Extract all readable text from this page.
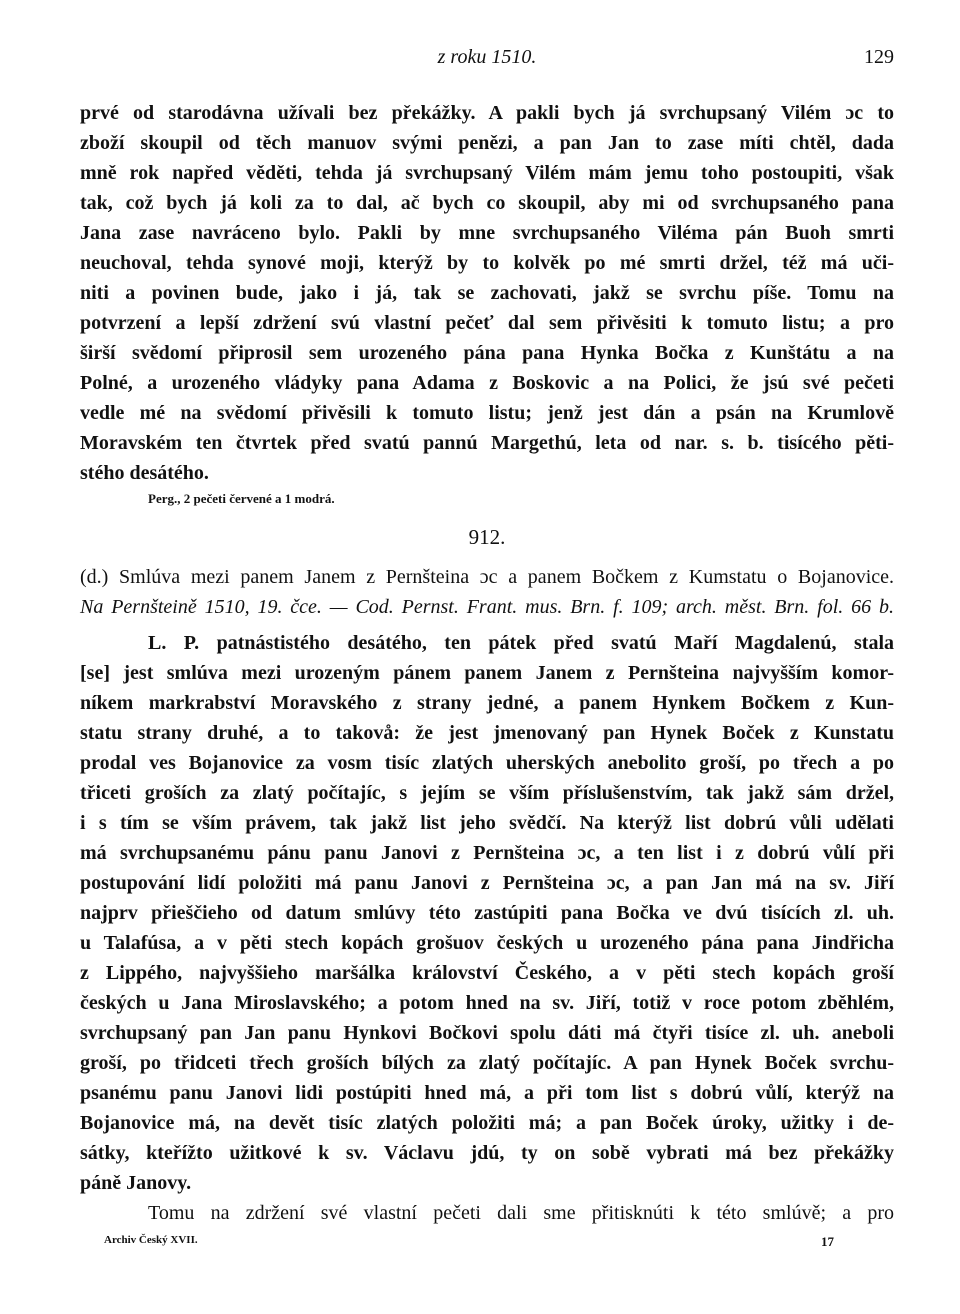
z roku 1510.	129
prvé od starodávna užívali bez překážky. A pakli bych já svrchupsaný Vilém ɔc to
zboží skoupil od těch manuov svými penězi, a pan Jan to zase míti chtěl, dada
mně rok napřed věděti, tehda já svrchupsaný Vilém mám jemu toho postoupiti, však
tak, což bych já koli za to dal, ač bych co skoupil, aby mi od svrchupsaného pana
Jana zase navráceno bylo. Pakli by mne svrchupsaného Viléma pán Buoh smrti
neuchoval, tehda synové moji, kterýž by to kolvěk po mé smrti držel, též má uči-
niti a povinen bude, jako i já, tak se zachovati, jakž se svrchu píše. Tomu na
potvrzení a lepší zdržení svú vlastní pečeť dal sem přivěsiti k tomuto listu; a pro
širší svědomí připrosil sem urozeného pána pana Hynka Bočka z Kunštátu a na
Polné, a urozeného vládyky pana Adama z Boskovic a na Polici, že jsú své pečeti
vedle mé na svědomí přivěsili k tomuto listu; jenž jest dán a psán na Krumlově
Moravském ten čtvrtek před svatú pannú Margethú, leta od nar. s. b. tisícého pěti-
stého desátého.
Perg., 2 pečeti červené a 1 modrá.
912.
(d.) Smlúva mezi panem Janem z Pernšteina ɔc a panem Bočkem z Kumstatu o Bojanovice.
Na Pernšteině 1510, 19. čce. — Cod. Pernst. Frant. mus. Brn. f. 109; arch. měst. Brn. fol. 66 b.
L. P. patnástistého desátého, ten pátek před svatú Maří Magdalenú, stala
[se] jest smlúva mezi urozeným pánem panem Janem z Pernšteina najvyšším komor-
níkem markrabství Moravského z strany jedné, a panem Hynkem Bočkem z Kun-
statu strany druhé, a to takovå: že jest jmenovaný pan Hynek Boček z Kunstatu
prodal ves Bojanovice za vosm tisíc zlatých uherských anebolito groší, po třech a po
třiceti groších za zlatý počítajíc, s jejím se vším příslušenstvím, tak jakž sám držel,
i s tím se vším právem, tak jakž list jeho svědčí. Na kterýž list dobrú vůli udělati
má svrchupsanému pánu panu Janovi z Pernšteina ɔc, a ten list i z dobrú vůlí při
postupování lidí položiti má panu Janovi z Pernšteina ɔc, a pan Jan má na sv. Jiří
najprv přieščieho od datum smlúvy této zastúpiti pana Bočka ve dvú tisících zl. uh.
u Talafúsa, a v pěti stech kopách grošuov českých u urozeného pána pana Jindřicha
z Lippého, najvyššieho maršálka království Českého, a v pěti stech kopách groší
českých u Jana Miroslavského; a potom hned na sv. Jiří, totiž v roce potom zběhlém,
svrchupsaný pan Jan panu Hynkovi Bočkovi spolu dáti má čtyři tisíce zl. uh. aneboli
groší, po třidceti třech groších bílých za zlatý počítajíc. A pan Hynek Boček svrchu-
psanému panu Janovi lidi postúpiti hned má, a při tom list s dobrú vůlí, kterýž na
Bojanovice má, na devět tisíc zlatých položiti má; a pan Boček úroky, užitky i de-
sátky, kteřížto užitkové k sv. Václavu jdú, ty on sobě vybrati má bez překážky
páně Janovy.
Tomu na zdržení své vlastní pečeti dali sme přitisknúti k této smlúvě; a pro
Archiv Český XVII.	17
